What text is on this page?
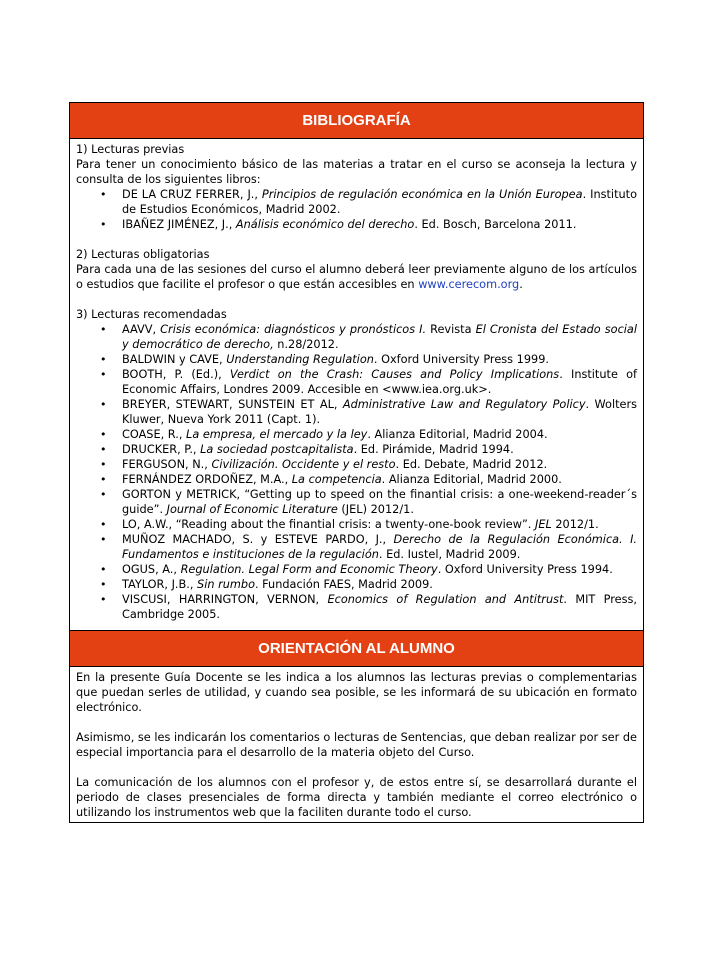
BIBLIOGRAFÍA
1) Lecturas previas
Para tener un conocimiento básico de las materias a tratar en el curso se aconseja la lectura y consulta de los siguientes libros:
• DE LA CRUZ FERRER, J., Principios de regulación económica en la Unión Europea. Instituto de Estudios Económicos, Madrid 2002.
• IBAÑEZ JIMÉNEZ, J., Análisis económico del derecho. Ed. Bosch, Barcelona 2011.
2) Lecturas obligatorias
Para cada una de las sesiones del curso el alumno deberá leer previamente alguno de los artículos o estudios que facilite el profesor o que están accesibles en www.cerecom.org.
3) Lecturas recomendadas
• AAVV, Crisis económica: diagnósticos y pronósticos I. Revista El Cronista del Estado social y democrático de derecho, n.28/2012.
• BALDWIN y CAVE, Understanding Regulation. Oxford University Press 1999.
• BOOTH, P. (Ed.), Verdict on the Crash: Causes and Policy Implications. Institute of Economic Affairs, Londres 2009. Accesible en <www.iea.org.uk>.
• BREYER, STEWART, SUNSTEIN ET AL, Administrative Law and Regulatory Policy. Wolters Kluwer, Nueva York 2011 (Capt. 1).
• COASE, R., La empresa, el mercado y la ley. Alianza Editorial, Madrid 2004.
• DRUCKER, P., La sociedad postcapitalista. Ed. Pirámide, Madrid 1994.
• FERGUSON, N., Civilización. Occidente y el resto. Ed. Debate, Madrid 2012.
• FERNÁNDEZ ORDOÑEZ, M.A., La competencia. Alianza Editorial, Madrid 2000.
• GORTON y METRICK, “Getting up to speed on the finantial crisis: a one-weekend-reader´s guide”. Journal of Economic Literature (JEL) 2012/1.
• LO, A.W., “Reading about the finantial crisis: a twenty-one-book review”. JEL 2012/1.
• MUÑOZ MACHADO, S. y ESTEVE PARDO, J., Derecho de la Regulación Económica. I. Fundamentos e instituciones de la regulación. Ed. Iustel, Madrid 2009.
• OGUS, A., Regulation. Legal Form and Economic Theory. Oxford University Press 1994.
• TAYLOR, J.B., Sin rumbo. Fundación FAES, Madrid 2009.
• VISCUSI, HARRINGTON, VERNON, Economics of Regulation and Antitrust. MIT Press, Cambridge 2005.
ORIENTACIÓN AL ALUMNO
En la presente Guía Docente se les indica a los alumnos las lecturas previas o complementarias que puedan serles de utilidad, y cuando sea posible, se les informará de su ubicación en formato electrónico.
Asimismo, se les indicarán los comentarios o lecturas de Sentencias, que deban realizar por ser de especial importancia para el desarrollo de la materia objeto del Curso.
La comunicación de los alumnos con el profesor y, de estos entre sí, se desarrollará durante el periodo de clases presenciales de forma directa y también mediante el correo electrónico o utilizando los instrumentos web que la faciliten durante todo el curso.
